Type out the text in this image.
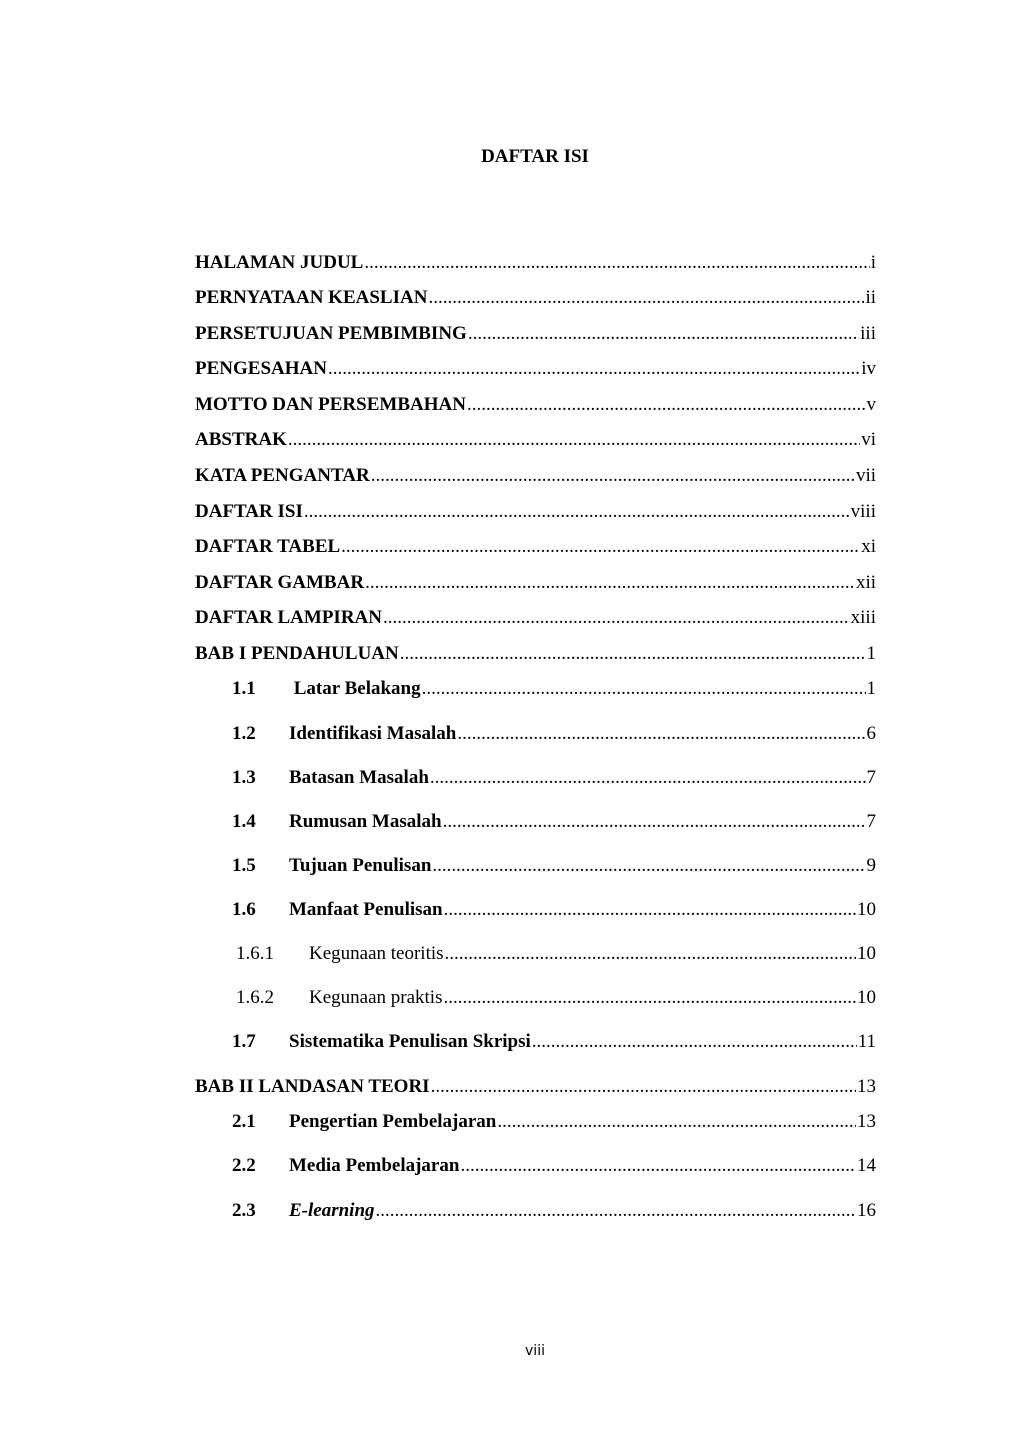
DAFTAR ISI
HALAMAN JUDUL .....	i
PERNYATAAN KEASLIAN .....	ii
PERSETUJUAN PEMBIMBING .....	iii
PENGESAHAN .....	iv
MOTTO DAN PERSEMBAHAN .....	v
ABSTRAK .....	vi
KATA PENGANTAR .....	vii
DAFTAR ISI .....	viii
DAFTAR TABEL .....	xi
DAFTAR GAMBAR .....	xii
DAFTAR LAMPIRAN .....	xiii
BAB I PENDAHULUAN .....	1
1.1	Latar Belakang .....	1
1.2	Identifikasi Masalah .....	6
1.3	Batasan Masalah .....	7
1.4	Rumusan Masalah .....	7
1.5	Tujuan Penulisan .....	9
1.6	Manfaat Penulisan .....	10
1.6.1	Kegunaan teoritis .....	10
1.6.2	Kegunaan praktis .....	10
1.7	Sistematika Penulisan Skripsi .....	11
BAB II LANDASAN TEORI .....	13
2.1	Pengertian Pembelajaran .....	13
2.2	Media Pembelajaran .....	14
2.3	E-learning .....	16
viii
